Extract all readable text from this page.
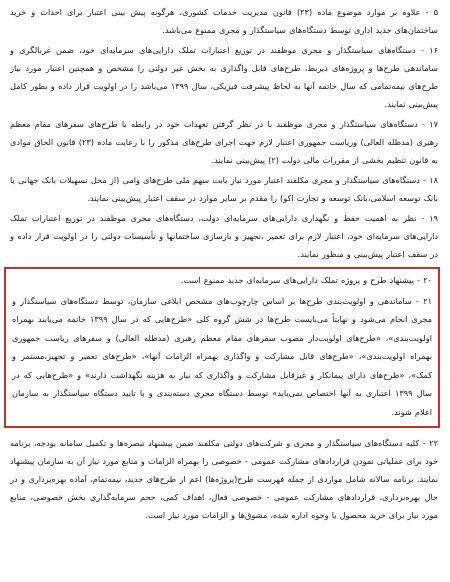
۵ - علاوه بر موارد موضوع ماده (۲۳) قانون مدیریت خدمات کشوری، هرگونه پیش بینی اعتبار برای احداث و خرید ساختمان‌های جدید اداری توسط دستگاه‌های سیاستگذار و مجری ممنوع می‌باشد.

۱۶ - دستگاه‌های سیاستگذار و مجری موظفند در توزیع اعتبارات تملک دارایی‌های سرمایه‌ای خود، ضمن غربالگری و ساماندهی طرح‌ها و پروژه‌های ذیربط، طرح‌های قابل واگذاری به بخش غیر دولتی را مشخص و همچنین اعتبار مورد نیاز طرح‌های نیمه‌تمامی که سال خاتمه آنها به لحاظ پیشرفت فیزیکی، سال ۱۳۹۹ می‌باشد را در اولویت قرار داده و بطور کامل پیش‌بینی نمایند.

۱۷ - دستگاه‌های سیاستگذار و مجری موظفند با در نظر گرفتن تعهدات خود در رابطه با طرح‌های سفرهای مقام معظم رهبری (مدظله العالی) وریاست جمهوری اعتبار لازم جهت اجرای طرح‌های مذکور را با رعایت ماده (۲۳) قانون الحاق موادی به قانون تنظیم بخشی از مقررات مالی دولت (۲) پیش‌بینی نمایند.

۱۸ - دستگاه‌های سیاستگذار و مجری مکلفند اعتبار مورد نیاز بابت سهم ملی طرح‌های وامی (از محل تسهیلات بانک جهانی یا بانک توسعه اسلامی،بانک توسعه و تجارت اکو) را مقدم بر سایر موارد در سقف اعتبار پیش‌بینی نمایند.

۱۹ - نظر به اهمیت حفظ و نگهداری دارایی‌های سرمایه‌ای دولت، دستگاه‌های مجری موظفند در توزیع اعتبارات تملک دارایی‌های سرمایه‌ای خود، اعتبار لازم برای تعمیر ،تجهیز و بازسازی ساختمانها و تأسیسات دولتی را در اولویت قرار داده و در سقف اعتبار پیش‌بینی و منظور نمایند.

۲۰ - پیشنهاد طرح و پروژه تملک دارایی‌های سرمایه‌ای جدید ممنوع است.

۲۱ - ساماندهی و اولویت‌بندی طرح‌ها بر اساس چارچوب‌های مشخص ابلاغی سازمان، توسط دستگاه‌های سیاستگذار و مجری انجام می‌شود و نهایتاً می‌بایست طرح‌ها در شش گروه کلی «طرح‌هایی که در سال ۱۳۹۹ خاتمه می‌یابند بهمراه اولویت‌بندی»، «طرح‌های اولویت‌دار مصوب سفرهای مقام معظم رهبری (مدظله العالی) و سفرهای ریاست جمهوری بهمراه اولویت‌بندی»، «طرح‌های قابل مشارکت و واگذاری بهمراه الزامات آنها»، «طرح‌های تعمیر و تجهیز،مستمر و کمک»، «طرح‌های دارای پیمانکار و غیرقابل مشارکت و واگذاری که نیاز به هزینه نگهداشت دارند» و «طرح‌هایی که در سال ۱۳۹۹ اعتباری به آنها اختصاص نمی‌یابد» توسط دستگاه مجری دسته‌بندی و با تایید دستگاه سیاستگذار به سازمان اعلام شوند.

۲۲ - کلیه دستگاه‌های سیاستگذار و مجری و شرکت‌های دولتی مکلفند ضمن پیشنهاد تبصره‌ها و تکمیل سامانه بودجه، برنامه خود برای عملیاتی نمودن قراردادهای مشارکت عمومی - خصوصی را بهمراه الزامات و منابع مورد نیاز آن به سازمان پیشنهاد نمایند. برنامه سالانه شامل مواردی از جمله فهرست طرح(پروژه‌ها) اعم از طرح‌های جدید، نیمه‌تمام، آماده بهره‌برداری و در حال بهره‌برداری، قراردادهای مشارکت عمومی - خصوصی فعال، اهداف کمی، حجم سرمایه‌گذاری بخش خصوصی، منابع مورد نیاز برای خرید محصول یا وجوه اداره شده، مشوق‌ها و الزامات مورد نیاز است.
